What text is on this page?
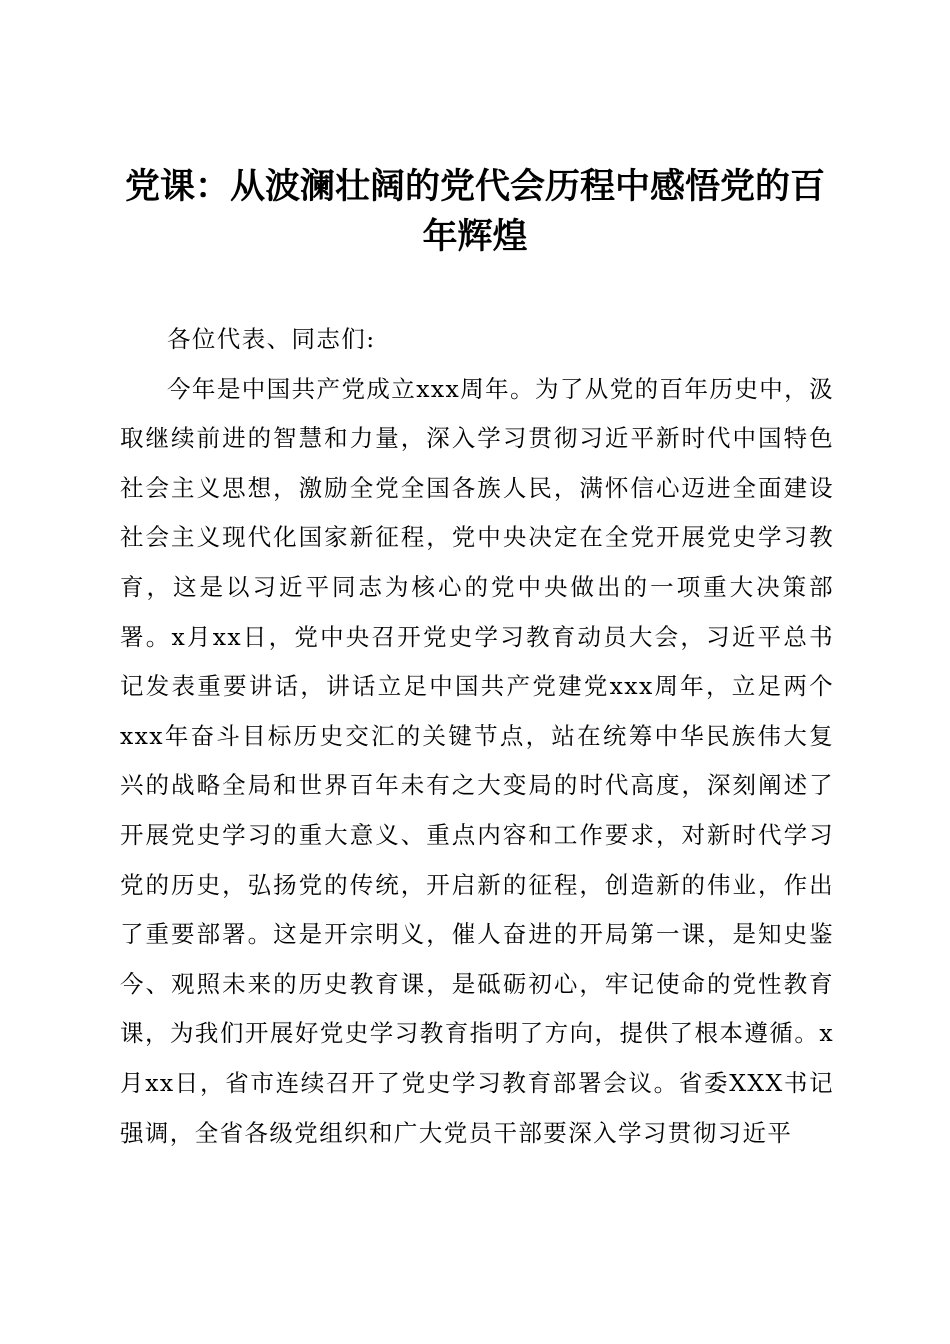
党课：从波澜壮阔的党代会历程中感悟党的百年辉煌

各位代表、同志们:

今年是中国共产党成立xxx周年。为了从党的百年历史中，汲取继续前进的智慧和力量，深入学习贯彻习近平新时代中国特色社会主义思想，激励全党全国各族人民，满怀信心迈进全面建设社会主义现代化国家新征程，党中央决定在全党开展党史学习教育，这是以习近平同志为核心的党中央做出的一项重大决策部署。x月xx日，党中央召开党史学习教育动员大会，习近平总书记发表重要讲话，讲话立足中国共产党建党xxx周年，立足两个xxx年奋斗目标历史交汇的关键节点，站在统筹中华民族伟大复兴的战略全局和世界百年未有之大变局的时代高度，深刻阐述了开展党史学习的重大意义、重点内容和工作要求，对新时代学习党的历史，弘扬党的传统，开启新的征程，创造新的伟业，作出了重要部署。这是开宗明义，催人奋进的开局第一课，是知史鉴今、观照未来的历史教育课，是砥砺初心，牢记使命的党性教育课，为我们开展好党史学习教育指明了方向，提供了根本遵循。x月xx日，省市连续召开了党史学习教育部署会议。省委XXX书记强调，全省各级党组织和广大党员干部要深入学习贯彻习近平
